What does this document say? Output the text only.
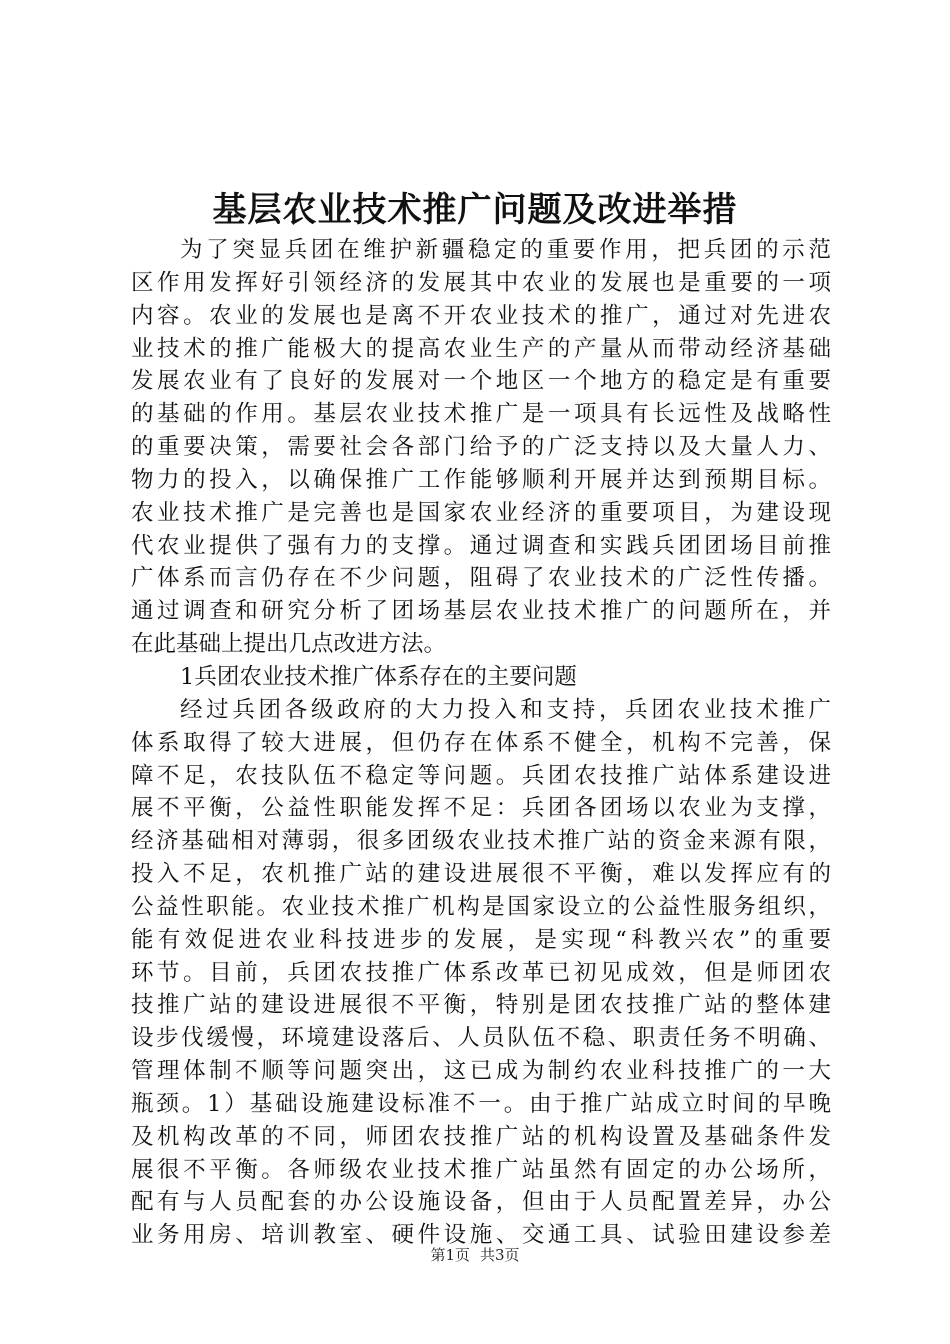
基层农业技术推广问题及改进举措
为了突显兵团在维护新疆稳定的重要作用，把兵团的示范
区作用发挥好引领经济的发展其中农业的发展也是重要的一项
内容。农业的发展也是离不开农业技术的推广，通过对先进农
业技术的推广能极大的提高农业生产的产量从而带动经济基础
发展农业有了良好的发展对一个地区一个地方的稳定是有重要
的基础的作用。基层农业技术推广是一项具有长远性及战略性
的重要决策，需要社会各部门给予的广泛支持以及大量人力、
物力的投入，以确保推广工作能够顺利开展并达到预期目标。
农业技术推广是完善也是国家农业经济的重要项目，为建设现
代农业提供了强有力的支撑。通过调查和实践兵团团场目前推
广体系而言仍存在不少问题，阻碍了农业技术的广泛性传播。
通过调查和研究分析了团场基层农业技术推广的问题所在，并
在此基础上提出几点改进方法。
1兵团农业技术推广体系存在的主要问题
经过兵团各级政府的大力投入和支持，兵团农业技术推广
体系取得了较大进展，但仍存在体系不健全，机构不完善，保
障不足，农技队伍不稳定等问题。兵团农技推广站体系建设进
展不平衡，公益性职能发挥不足：兵团各团场以农业为支撑，
经济基础相对薄弱，很多团级农业技术推广站的资金来源有限，
投入不足，农机推广站的建设进展很不平衡，难以发挥应有的
公益性职能。农业技术推广机构是国家设立的公益性服务组织，
能有效促进农业科技进步的发展，是实现“科教兴农”的重要
环节。目前，兵团农技推广体系改革已初见成效，但是师团农
技推广站的建设进展很不平衡，特别是团农技推广站的整体建
设步伐缓慢，环境建设落后、人员队伍不稳、职责任务不明确、
管理体制不顺等问题突出，这已成为制约农业科技推广的一大
瓶颈。1）基础设施建设标准不一。由于推广站成立时间的早晚
及机构改革的不同，师团农技推广站的机构设置及基础条件发
展很不平衡。各师级农业技术推广站虽然有固定的办公场所，
配有与人员配套的办公设施设备，但由于人员配置差异，办公
业务用房、培训教室、硬件设施、交通工具、试验田建设参差
第1页 共3页
